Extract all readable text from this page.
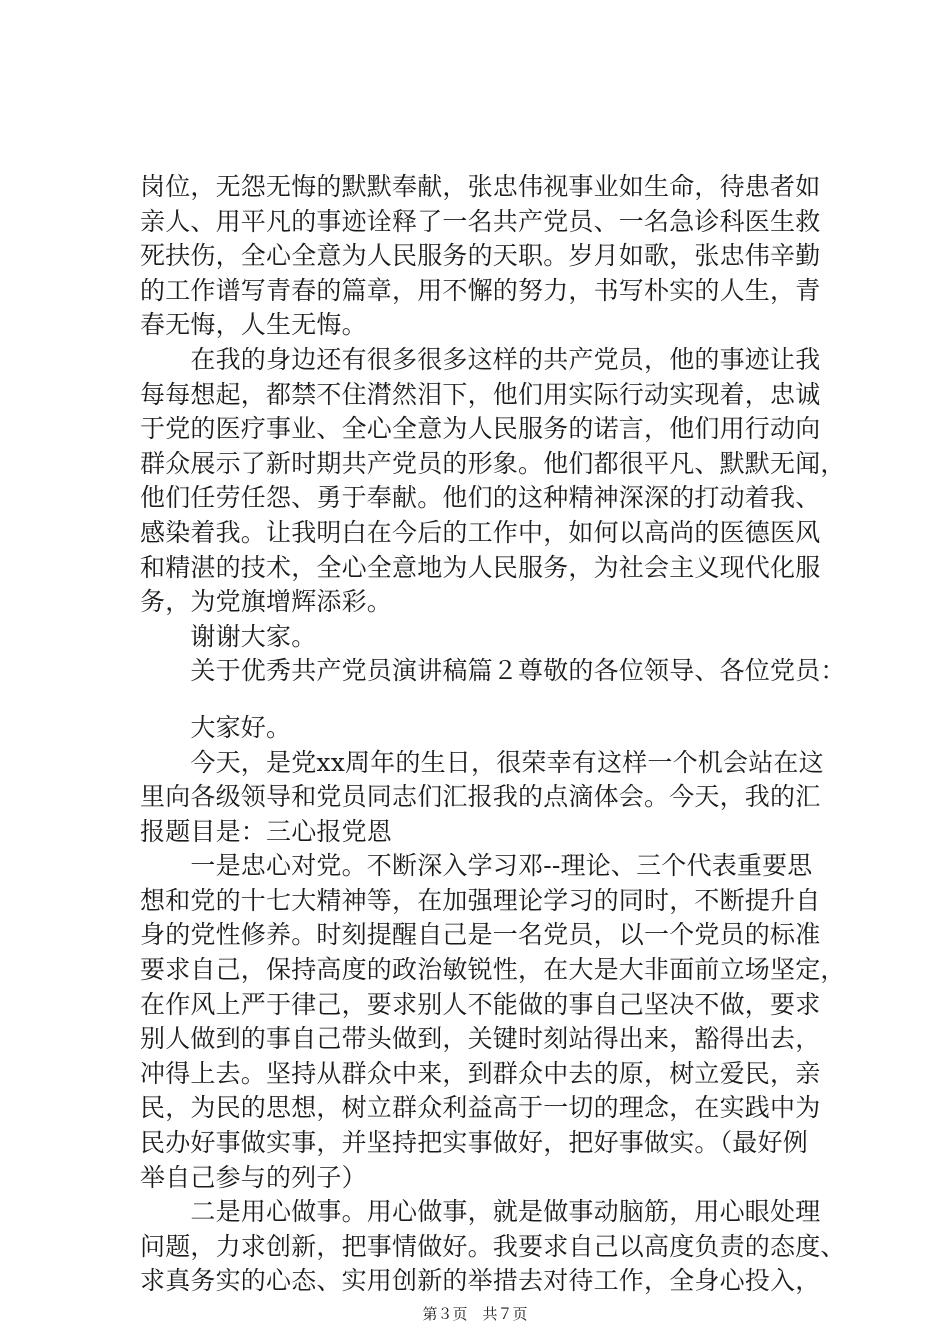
岗位，无怨无悔的默默奉献，张忠伟视事业如生命，待患者如
亲人、用平凡的事迹诠释了一名共产党员、一名急诊科医生救
死扶伤，全心全意为人民服务的天职。岁月如歌，张忠伟辛勤
的工作谱写青春的篇章，用不懈的努力，书写朴实的人生，青
春无悔，人生无悔。
　　在我的身边还有很多很多这样的共产党员，他的事迹让我
每每想起，都禁不住潸然泪下，他们用实际行动实现着，忠诚
于党的医疗事业、全心全意为人民服务的诺言，他们用行动向
群众展示了新时期共产党员的形象。他们都很平凡、默默无闻，
他们任劳任怨、勇于奉献。他们的这种精神深深的打动着我、
感染着我。让我明白在今后的工作中，如何以高尚的医德医风
和精湛的技术，全心全意地为人民服务，为社会主义现代化服
务，为党旗增辉添彩。
　　谢谢大家。
　　关于优秀共产党员演讲稿篇２尊敬的各位领导、各位党员：
　　大家好。
　　今天，是党xx周年的生日，很荣幸有这样一个机会站在这
里向各级领导和党员同志们汇报我的点滴体会。今天，我的汇
报题目是：三心报党恩
　　一是忠心对党。不断深入学习邓--理论、三个代表重要思
想和党的十七大精神等，在加强理论学习的同时，不断提升自
身的党性修养。时刻提醒自己是一名党员，以一个党员的标准
要求自己，保持高度的政治敏锐性，在大是大非面前立场坚定，
在作风上严于律己，要求别人不能做的事自己坚决不做，要求
别人做到的事自己带头做到，关键时刻站得出来，豁得出去，
冲得上去。坚持从群众中来，到群众中去的原，树立爱民，亲
民，为民的思想，树立群众利益高于一切的理念，在实践中为
民办好事做实事，并坚持把实事做好，把好事做实。（最好例
举自己参与的列子）
　　二是用心做事。用心做事，就是做事动脑筋，用心眼处理
问题，力求创新，把事情做好。我要求自己以高度负责的态度、
求真务实的心态、实用创新的举措去对待工作，全身心投入，
第３页　共７页
